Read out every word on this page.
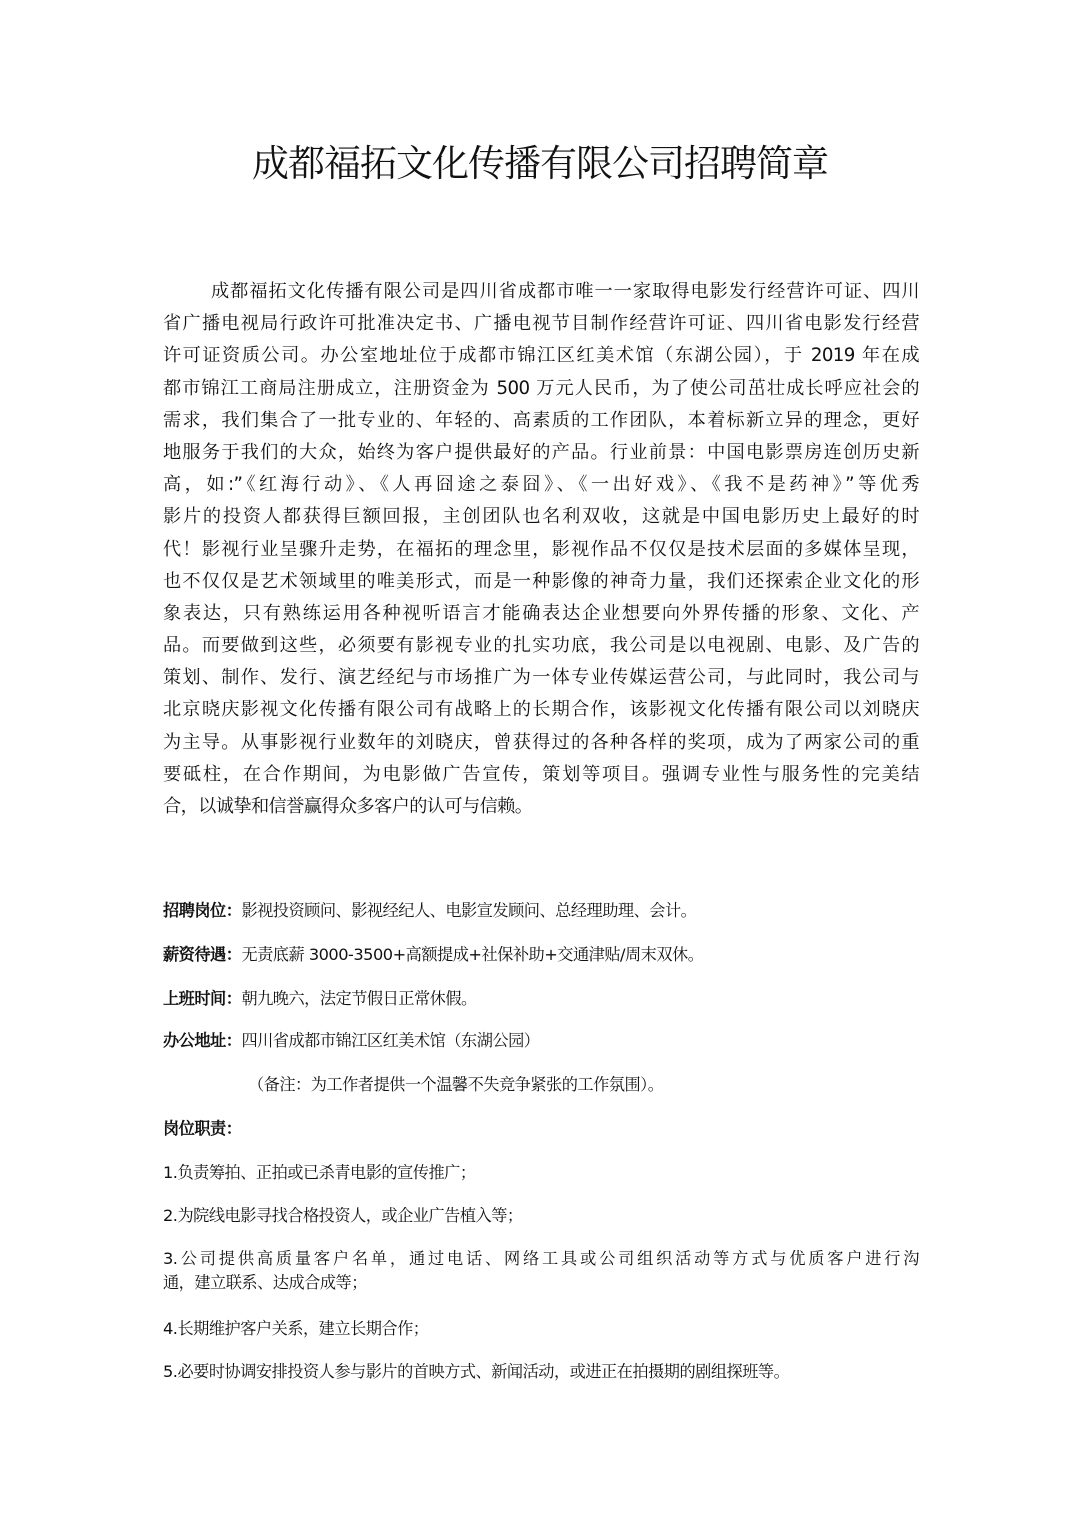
成都福拓文化传播有限公司招聘简章
成都福拓文化传播有限公司是四川省成都市唯一一家取得电影发行经营许可证、四川
省广播电视局行政许可批准决定书、广播电视节目制作经营许可证、四川省电影发行经营
许可证资质公司。办公室地址位于成都市锦江区红美术馆（东湖公园），于 2019 年在成
都市锦江工商局注册成立，注册资金为 500 万元人民币，为了使公司茁壮成长呼应社会的
需求，我们集合了一批专业的、年轻的、高素质的工作团队，本着标新立异的理念，更好
地服务于我们的大众，始终为客户提供最好的产品。行业前景：中国电影票房连创历史新
高，如:”《红海行动》、《人再囧途之泰囧》、《一出好戏》、《我不是药神》”等优秀
影片的投资人都获得巨额回报，主创团队也名利双收，这就是中国电影历史上最好的时
代！影视行业呈骤升走势，在福拓的理念里，影视作品不仅仅是技术层面的多媒体呈现，
也不仅仅是艺术领域里的唯美形式，而是一种影像的神奇力量，我们还探索企业文化的形
象表达，只有熟练运用各种视听语言才能确表达企业想要向外界传播的形象、文化、产
品。而要做到这些，必须要有影视专业的扎实功底，我公司是以电视剧、电影、及广告的
策划、制作、发行、演艺经纪与市场推广为一体专业传媒运营公司，与此同时，我公司与
北京晓庆影视文化传播有限公司有战略上的长期合作，该影视文化传播有限公司以刘晓庆
为主导。从事影视行业数年的刘晓庆，曾获得过的各种各样的奖项，成为了两家公司的重
要砥柱，在合作期间，为电影做广告宣传，策划等项目。强调专业性与服务性的完美结
合，以诚挚和信誉赢得众多客户的认可与信赖。

招聘岗位：影视投资顾问、影视经纪人、电影宣发顾问、总经理助理、会计。

薪资待遇：无责底薪 3000-3500+高额提成+社保补助+交通津贴/周末双休。

上班时间：朝九晚六，法定节假日正常休假。

办公地址：四川省成都市锦江区红美术馆（东湖公园）

（备注：为工作者提供一个温馨不失竞争紧张的工作氛围）。

岗位职责：

1.负责筹拍、正拍或已杀青电影的宣传推广；

2.为院线电影寻找合格投资人，或企业广告植入等；

3.公司提供高质量客户名单，通过电话、网络工具或公司组织活动等方式与优质客户进行沟
通，建立联系、达成合成等；

4.长期维护客户关系，建立长期合作；

5.必要时协调安排投资人参与影片的首映方式、新闻活动，或进正在拍摄期的剧组探班等。
